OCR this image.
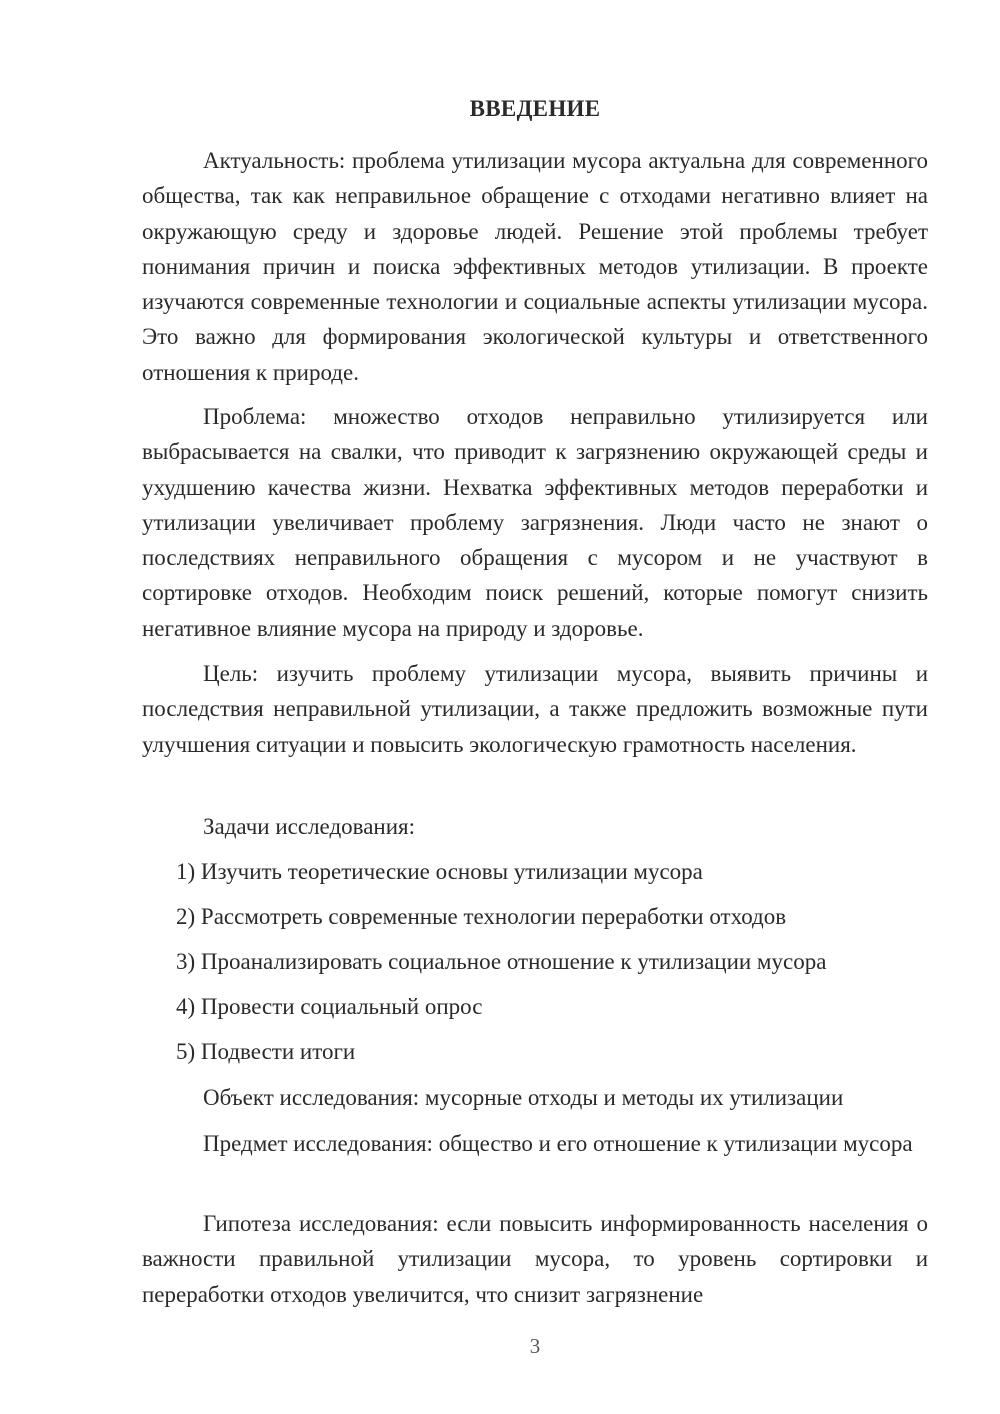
ВВЕДЕНИЕ

Актуальность: проблема утилизации мусора актуальна для современного общества, так как неправильное обращение с отходами негативно влияет на окружающую среду и здоровье людей. Решение этой проблемы требует понимания причин и поиска эффективных методов утилизации. В проекте изучаются современные технологии и социальные аспекты утилизации мусора. Это важно для формирования экологической культуры и ответственного отношения к природе.

Проблема: множество отходов неправильно утилизируется или выбрасывается на свалки, что приводит к загрязнению окружающей среды и ухудшению качества жизни. Нехватка эффективных методов переработки и утилизации увеличивает проблему загрязнения. Люди часто не знают о последствиях неправильного обращения с мусором и не участвуют в сортировке отходов. Необходим поиск решений, которые помогут снизить негативное влияние мусора на природу и здоровье.

Цель: изучить проблему утилизации мусора, выявить причины и последствия неправильной утилизации, а также предложить возможные пути улучшения ситуации и повысить экологическую грамотность населения.

Задачи исследования:

1) Изучить теоретические основы утилизации мусора

2) Рассмотреть современные технологии переработки отходов

3) Проанализировать социальное отношение к утилизации мусора

4) Провести социальный опрос

5) Подвести итоги

Объект исследования: мусорные отходы и методы их утилизации

Предмет исследования: общество и его отношение к утилизации мусора

Гипотеза исследования: если повысить информированность населения о важности правильной утилизации мусора, то уровень сортировки и переработки отходов увеличится, что снизит загрязнение

3
